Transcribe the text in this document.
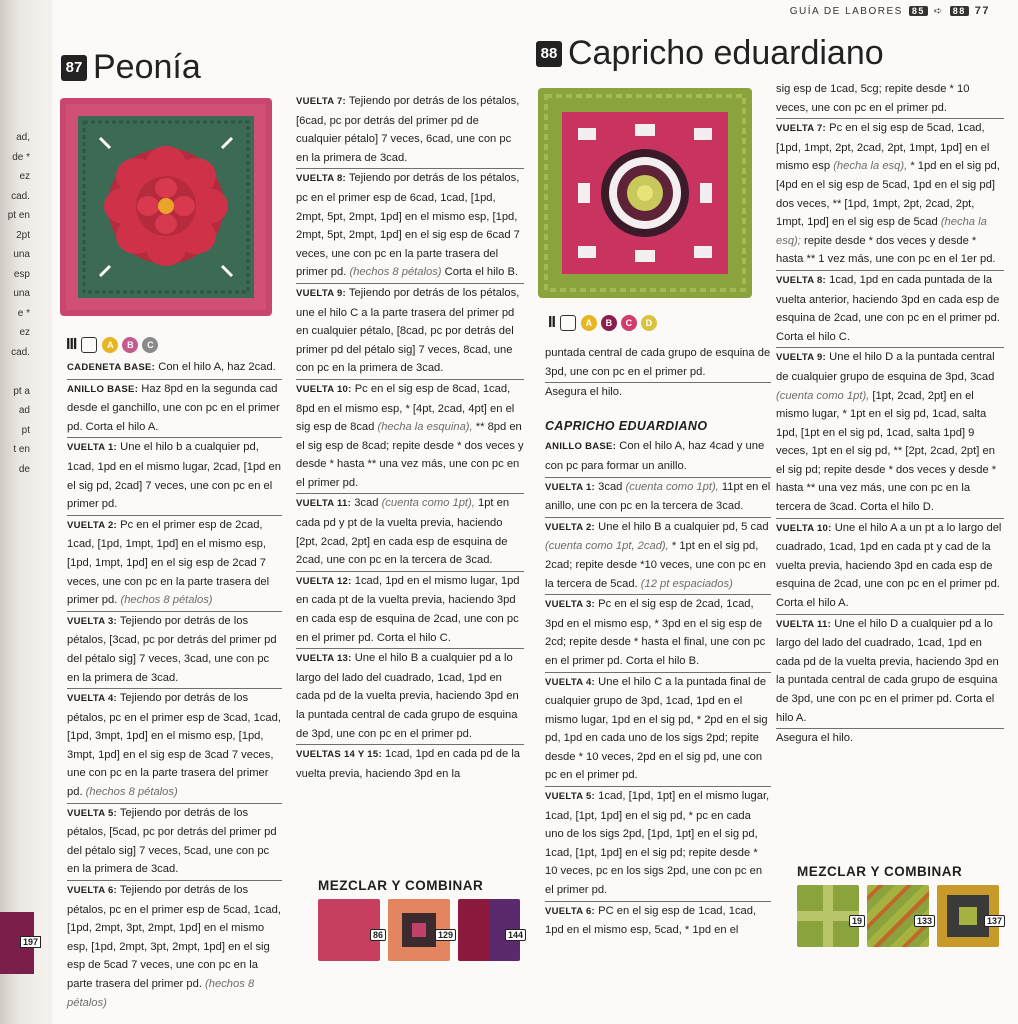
ad,
de *
ez
cad.
pt en
2pt
una
esp
una
e *
ez
cad.
pt a
ad
pt
t en
de
197
GUÍA DE LABORES	85 ➪	88 77
87 Peonía
III	A	B	C

CADENETA BASE: Con el hilo A, haz 2cad.

ANILLO BASE: Haz 8pd en la segunda cad desde el ganchillo, une con pc en el primer pd. Corta el hilo A.

VUELTA 1: Une el hilo b a cualquier pd, 1cad, 1pd en el mismo lugar, 2cad, [1pd en el sig pd, 2cad] 7 veces, une con pc en el primer pd.

VUELTA 2: Pc en el primer esp de 2cad, 1cad, [1pd, 1mpt, 1pd] en el mismo esp, [1pd, 1mpt, 1pd] en el sig esp de 2cad 7 veces, une con pc en la parte trasera del primer pd. (hechos 8 pétalos)

VUELTA 3: Tejiendo por detrás de los pétalos, [3cad, pc por detrás del primer pd del pétalo sig] 7 veces, 3cad, une con pc en la primera de 3cad.

VUELTA 4: Tejiendo por detrás de los pétalos, pc en el primer esp de 3cad, 1cad, [1pd, 3mpt, 1pd] en el mismo esp, [1pd, 3mpt, 1pd] en el sig esp de 3cad 7 veces, une con pc en la parte trasera del primer pd. (hechos 8 pétalos)

VUELTA 5: Tejiendo por detrás de los pétalos, [5cad, pc por detrás del primer pd del pétalo sig] 7 veces, 5cad, une con pc en la primera de 3cad.

VUELTA 6: Tejiendo por detrás de los pétalos, pc en el primer esp de 5cad, 1cad, [1pd, 2mpt, 3pt, 2mpt, 1pd] en el mismo esp, [1pd, 2mpt, 3pt, 2mpt, 1pd] en el sig esp de 5cad 7 veces, une con pc en la parte trasera del primer pd. (hechos 8 pétalos)

VUELTA 7: Tejiendo por detrás de los pétalos, [6cad, pc por detrás del primer pd de cualquier pétalo] 7 veces, 6cad, une con pc en la primera de 3cad.

VUELTA 8: Tejiendo por detrás de los pétalos, pc en el primer esp de 6cad, 1cad, [1pd, 2mpt, 5pt, 2mpt, 1pd] en el mismo esp, [1pd, 2mpt, 5pt, 2mpt, 1pd] en el sig esp de 6cad 7 veces, une con pc en la parte trasera del primer pd. (hechos 8 pétalos) Corta el hilo B.

VUELTA 9: Tejiendo por detrás de los pétalos, une el hilo C a la parte trasera del primer pd en cualquier pétalo, [8cad, pc por detrás del primer pd del pétalo sig] 7 veces, 8cad, une con pc en la primera de 3cad.

VUELTA 10: Pc en el sig esp de 8cad, 1cad, 8pd en el mismo esp, * [4pt, 2cad, 4pt] en el sig esp de 8cad (hecha la esquina), ** 8pd en el sig esp de 8cad; repite desde * dos veces y desde * hasta ** una vez más, une con pc en el primer pd.

VUELTA 11: 3cad (cuenta como 1pt), 1pt en cada pd y pt de la vuelta previa, haciendo [2pt, 2cad, 2pt] en cada esp de esquina de 2cad, une con pc en la tercera de 3cad.

VUELTA 12: 1cad, 1pd en el mismo lugar, 1pd en cada pt de la vuelta previa, haciendo 3pd en cada esp de esquina de 2cad, une con pc en el primer pd. Corta el hilo C.

VUELTA 13: Une el hilo B a cualquier pd a lo largo del lado del cuadrado, 1cad, 1pd en cada pd de la vuelta previa, haciendo 3pd en la puntada central de cada grupo de esquina de 3pd, une con pc en el primer pd.

VUELTAS 14 Y 15: 1cad, 1pd en cada pd de la vuelta previa, haciendo 3pd en la

MEZCLAR Y COMBINAR
86	129	144
88 Capricho eduardiano
II	A	B	C	D

puntada central de cada grupo de esquina de 3pd, une con pc en el primer pd.

Asegura el hilo.

CAPRICHO EDUARDIANO

ANILLO BASE: Con el hilo A, haz 4cad y une con pc para formar un anillo.

VUELTA 1: 3cad (cuenta como 1pt), 11pt en el anillo, une con pc en la tercera de 3cad.

VUELTA 2: Une el hilo B a cualquier pd, 5 cad (cuenta como 1pt, 2cad), * 1pt en el sig pd, 2cad; repite desde *10 veces, une con pc en la tercera de 5cad. (12 pt espaciados)

VUELTA 3: Pc en el sig esp de 2cad, 1cad, 3pd en el mismo esp, * 3pd en el sig esp de 2cd; repite desde * hasta el final, une con pc en el primer pd. Corta el hilo B.

VUELTA 4: Une el hilo C a la puntada final de cualquier grupo de 3pd, 1cad, 1pd en el mismo lugar, 1pd en el sig pd, * 2pd en el sig pd, 1pd en cada uno de los sigs 2pd; repite desde * 10 veces, 2pd en el sig pd, une con pc en el primer pd.

VUELTA 5: 1cad, [1pd, 1pt] en el mismo lugar, 1cad, [1pt, 1pd] en el sig pd, * pc en cada uno de los sigs 2pd, [1pd, 1pt] en el sig pd, 1cad, [1pt, 1pd] en el sig pd; repite desde * 10 veces, pc en los sigs 2pd, une con pc en el primer pd.

VUELTA 6: PC en el sig esp de 1cad, 1cad, 1pd en el mismo esp, 5cad, * 1pd en el

sig esp de 1cad, 5cg; repite desde * 10 veces, une con pc en el primer pd.

VUELTA 7: Pc en el sig esp de 5cad, 1cad, [1pd, 1mpt, 2pt, 2cad, 2pt, 1mpt, 1pd] en el mismo esp (hecha la esq), * 1pd en el sig pd, [4pd en el sig esp de 5cad, 1pd en el sig pd] dos veces, ** [1pd, 1mpt, 2pt, 2cad, 2pt, 1mpt, 1pd] en el sig esp de 5cad (hecha la esq); repite desde * dos veces y desde * hasta ** 1 vez más, une con pc en el 1er pd.

VUELTA 8: 1cad, 1pd en cada puntada de la vuelta anterior, haciendo 3pd en cada esp de esquina de 2cad, une con pc en el primer pd. Corta el hilo C.

VUELTA 9: Une el hilo D a la puntada central de cualquier grupo de esquina de 3pd, 3cad (cuenta como 1pt), [1pt, 2cad, 2pt] en el mismo lugar, * 1pt en el sig pd, 1cad, salta 1pd, [1pt en el sig pd, 1cad, salta 1pd] 9 veces, 1pt en el sig pd, ** [2pt, 2cad, 2pt] en el sig pd; repite desde * dos veces y desde * hasta ** una vez más, une con pc en la tercera de 3cad. Corta el hilo D.

VUELTA 10: Une el hilo A a un pt a lo largo del cuadrado, 1cad, 1pd en cada pt y cad de la vuelta previa, haciendo 3pd en cada esp de esquina de 2cad, une con pc en el primer pd. Corta el hilo A.

VUELTA 11: Une el hilo D a cualquier pd a lo largo del lado del cuadrado, 1cad, 1pd en cada pd de la vuelta previa, haciendo 3pd en la puntada central de cada grupo de esquina de 3pd, une con pc en el primer pd. Corta el hilo A.

Asegura el hilo.

MEZCLAR Y COMBINAR
19	133	137
